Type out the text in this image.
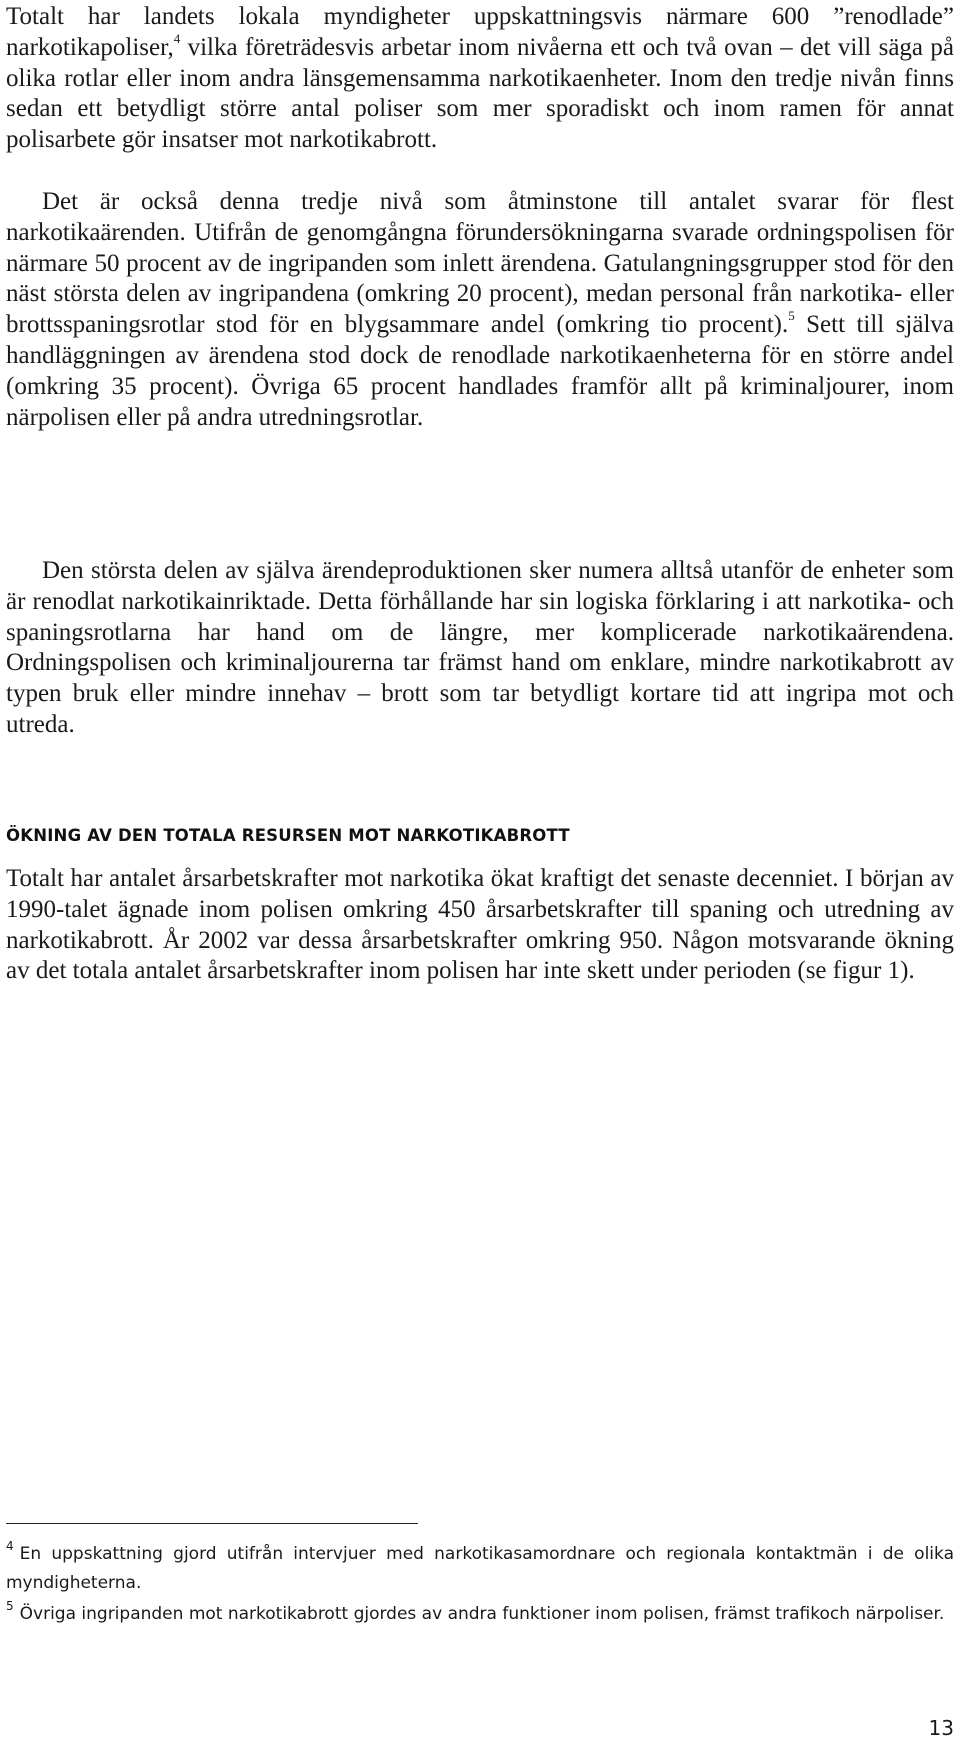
Totalt har landets lokala myndigheter uppskattningsvis närmare 600 ”renodlade” narkotikapoliser,$^4$ vilka företrädesvis arbetar inom nivåerna ett och två ovan – det vill säga på olika rotlar eller inom andra länsgemensamma narkotikaenheter. Inom den tredje nivån finns sedan ett betydligt större antal poliser som mer sporadiskt och inom ramen för annat polisarbete gör insatser mot narkotikabrott.

Det är också denna tredje nivå som åtminstone till antalet svarar för flest narkotikaärenden. Utifrån de genomgångna förundersökningarna svarade ordningspolisen för närmare 50 procent av de ingripanden som inlett ärendena. Gatulangningsgrupper stod för den näst största delen av ingripandena (omkring 20 procent), medan personal från narkotika- eller brottsspaningsrotlar stod för en blygsammare andel (omkring tio procent).$^5$ Sett till själva handläggningen av ärendena stod dock de renodlade narkotikaenheterna för en större andel (omkring 35 procent). Övriga 65 procent handlades framför allt på kriminaljourer, inom närpolisen eller på andra utredningsrotlar.

Den största delen av själva ärendeproduktionen sker numera alltså utanför de enheter som är renodlat narkotikainriktade. Detta förhållande har sin logiska förklaring i att narkotika- och spaningsrotlarna har hand om de längre, mer komplicerade narkotikaärendena. Ordningspolisen och kriminaljourerna tar främst hand om enklare, mindre narkotikabrott av typen bruk eller mindre innehav – brott som tar betydligt kortare tid att ingripa mot och utreda.

ÖKNING AV DEN TOTALA RESURSEN MOT NARKOTIKABROTT

Totalt har antalet årsarbetskrafter mot narkotika ökat kraftigt det senaste decenniet. I början av 1990-talet ägnade inom polisen omkring 450 årsarbetskrafter till spaning och utredning av narkotikabrott. År 2002 var dessa årsarbetskrafter omkring 950. Någon motsvarande ökning av det totala antalet årsarbetskrafter inom polisen har inte skett under perioden (se figur 1).

$^4$ En uppskattning gjord utifrån intervjuer med narkotikasamordnare och regionala kontaktmän i de olika myndigheterna.

$^5$ Övriga ingripanden mot narkotikabrott gjordes av andra funktioner inom polisen, främst trafikoch närpoliser.

13
